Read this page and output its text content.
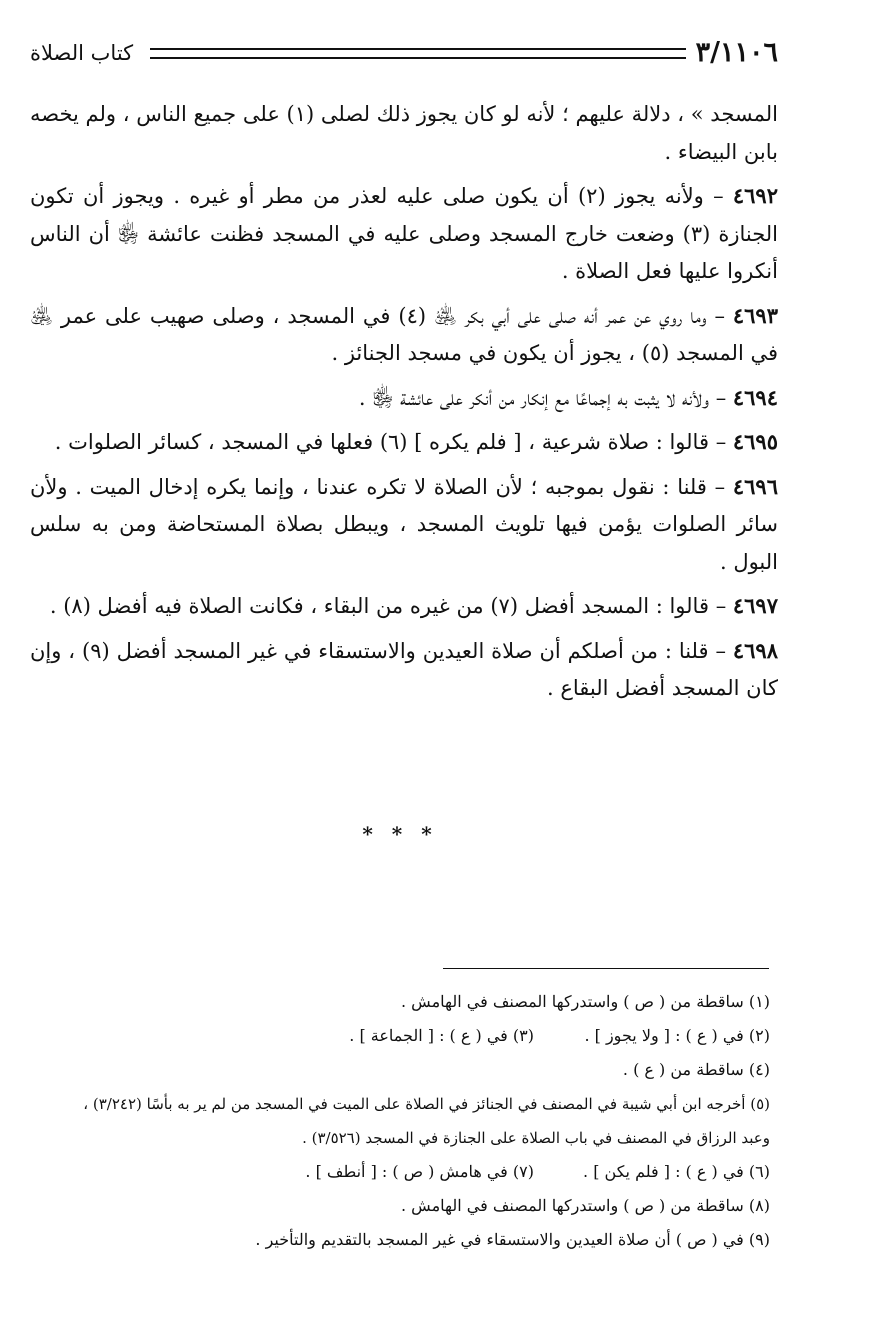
٣/١١٠٦
كتاب الصلاة

المسجد » ، دلالة عليهم ؛ لأنه لو كان يجوز ذلك لصلى (١) على جميع الناس ، ولم يخصه بابن البيضاء .

٤٦٩٢ – ولأنه يجوز (٢) أن يكون صلى عليه لعذر من مطر أو غيره . ويجوز أن تكون الجنازة (٣) وضعت خارج المسجد وصلى عليه في المسجد فظنت عائشة ﵂ أن الناس أنكروا عليها فعل الصلاة .

٤٦٩٣ – وما روي عن عمر أنه صلى على أبي بكر ﵁ (٤) في المسجد ، وصلى صهيب على عمر ﵁ في المسجد (٥) ، يجوز أن يكون في مسجد الجنائز .

٤٦٩٤ – ولأنه لا يثبت به إجماعًا مع إنكار من أنكر على عائشة ﵂ .

٤٦٩٥ – قالوا : صلاة شرعية ، [ فلم يكره ] (٦) فعلها في المسجد ، كسائر الصلوات .

٤٦٩٦ – قلنا : نقول بموجبه ؛ لأن الصلاة لا تكره عندنا ، وإنما يكره إدخال الميت . ولأن سائر الصلوات يؤمن فيها تلويث المسجد ، ويبطل بصلاة المستحاضة ومن به سلس البول .

٤٦٩٧ – قالوا : المسجد أفضل (٧) من غيره من البقاء ، فكانت الصلاة فيه أفضل (٨) .

٤٦٩٨ – قلنا : من أصلكم أن صلاة العيدين والاستسقاء في غير المسجد أفضل (٩) ، وإن كان المسجد أفضل البقاع .

* * *
(١) ساقطة من ( ص ) واستدركها المصنف في الهامش .
(٢) في ( ع ) : [ ولا يجوز ] .
(٣) في ( ع ) : [ الجماعة ] .
(٤) ساقطة من ( ع ) .
(٥) أخرجه ابن أبي شيبة في المصنف في الجنائز في الصلاة على الميت في المسجد من لم ير به بأسًا (٣/٢٤٢) ،
وعبد الرزاق في المصنف في باب الصلاة على الجنازة في المسجد (٣/٥٢٦) .
(٦) في ( ع ) : [ فلم يكن ] .
(٧) في هامش ( ص ) : [ أنطف ] .
(٨) ساقطة من ( ص ) واستدركها المصنف في الهامش .
(٩) في ( ص ) أن صلاة العيدين والاستسقاء في غير المسجد بالتقديم والتأخير .
